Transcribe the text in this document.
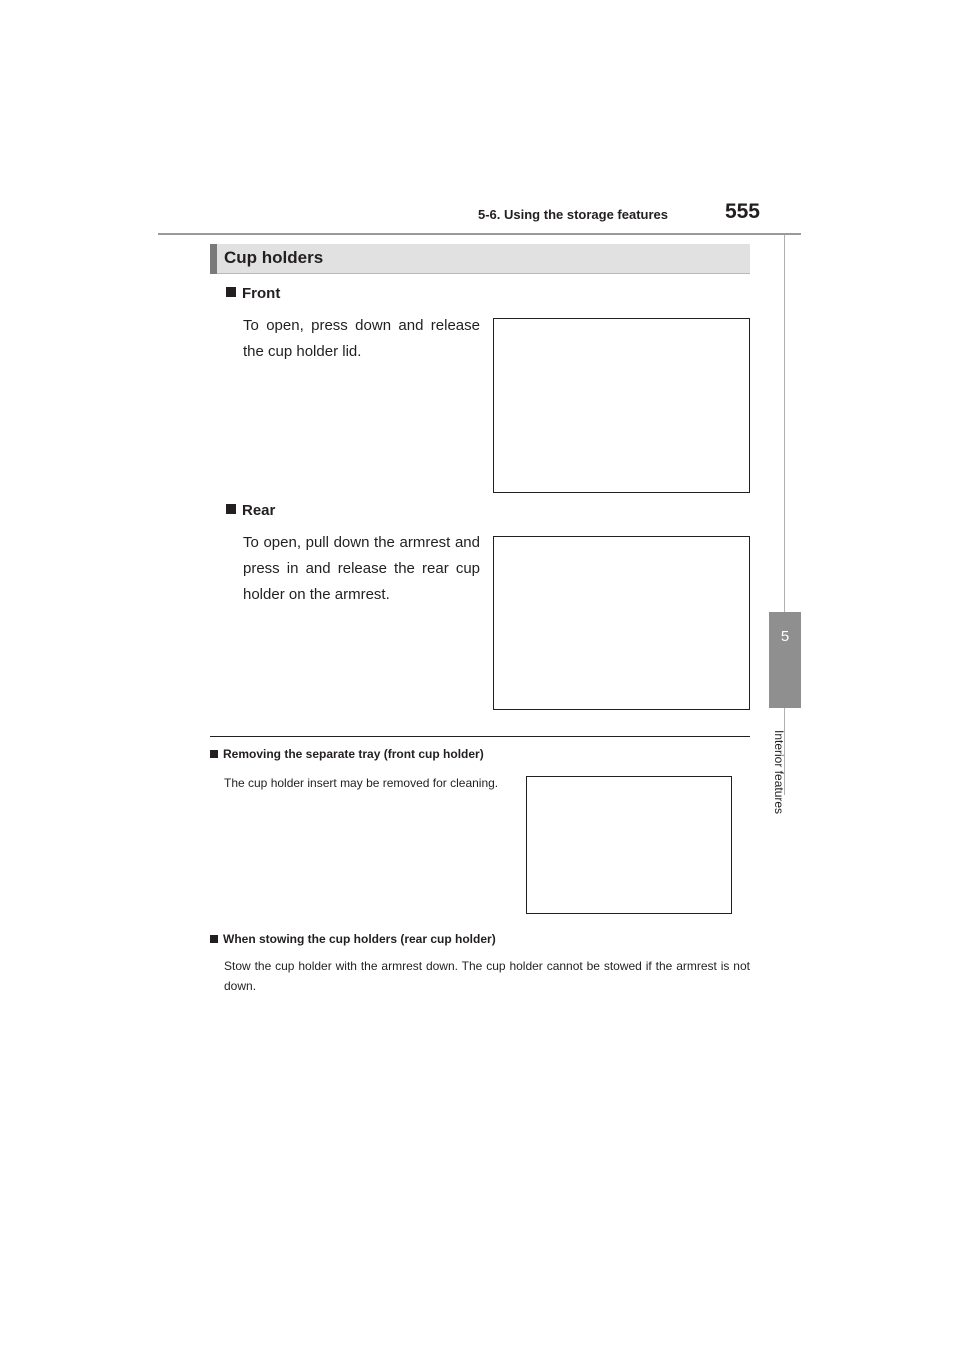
5-6. Using the storage features	555
5
Interior features
Cup holders
Front
To open, press down and release the cup holder lid.
Rear
To open, pull down the armrest and press in and release the rear cup holder on the armrest.
Removing the separate tray (front cup holder)
The cup holder insert may be removed for cleaning.
When stowing the cup holders (rear cup holder)
Stow the cup holder with the armrest down. The cup holder cannot be stowed if the armrest is not down.
